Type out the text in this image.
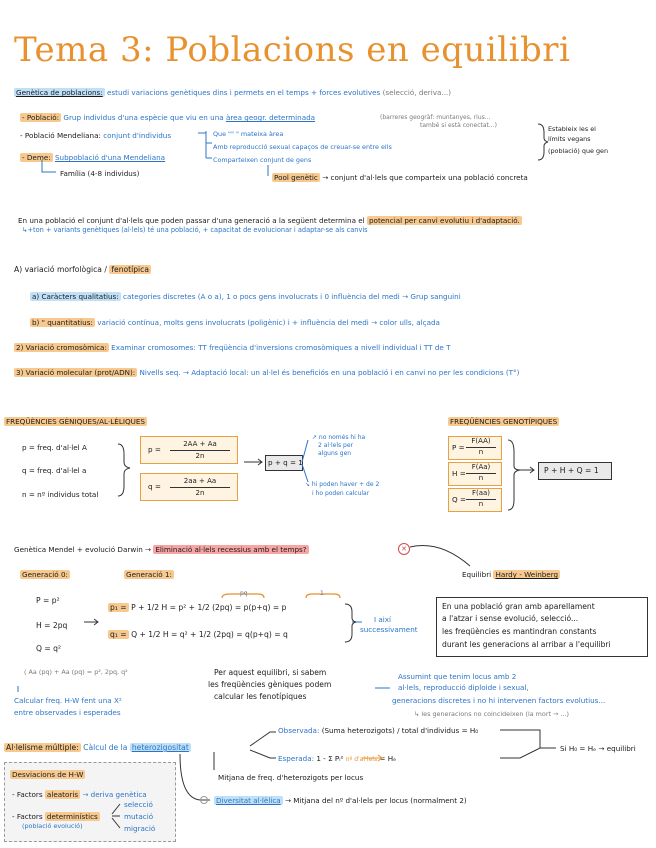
Tema 3: Poblacions en equilibri
Genètica de poblacions: estudi variacions genètiques dins i permets en el temps + forces evolutives (selecció, deriva...)
- Població: Grup individus d'una espècie que viu en una àrea geogr. determinada	(barreres geogràf: muntanyes, rius...
també si està conectat...)
- Població Mendeliana: conjunt d'individus	Que "" " mateixa àrea
Amb reproducció sexual capaços de creuar-se entre ells
Comparteixen conjunt de gens
Estableix les el
límits vegans
(població) que gen
- Deme: Subpoblació d'una Mendeliana
Família (4-8 individus)	Pool genètic → conjunt d'al·lels que comparteix una població concreta
En una població el conjunt d'al·lels que poden passar d'una generació a la següent determina el potencial per canvi evolutiu i d'adaptació.
↳+ton + variants genètiques (al·lels) té una població, + capacitat de evolucionar i adaptar-se als canvis
A) variació morfològica / fenotípica
a) Caràcters qualitatius: categories discretes (A o a), 1 o pocs gens involucrats i 0 influència del medi → Grup sanguini
b) " quantitatius: variació contínua, molts gens involucrats (poligènic) i + influència del medi → color ulls, alçada
2) Variació cromosòmica: Examinar cromosomes: TT freqüència d'inversions cromosòmiques a nivell individual i TT de T
3) Variació molecular (prot/ADN): Nivells seq. → Adaptació local: un al·lel és beneficiós en una població i en canvi no per les condicions (T°)
FREQÜÈNCIES GÈNIQUES/AL·LÈLIQUES
p = freq. d'al·lel A
q = freq. d'al·lel a
n = nº individus total
p =
2AA + Aa
2n
q =
2aa + Aa
2n
p + q = 1
↗ no només hi ha
2 al·lels per
alguns gen
↘ hi poden haver + de 2
i ho poden calcular
FREQÜÈNCIES GENOTÍPIQUES
P =
F(AA)
n
H =
F(Aa)
n
Q =
F(aa)
n
P + H + Q = 1
Genètica Mendel + evolució Darwin → Eliminació al·lels recessius amb el temps?	✕
Equilibri Hardy - Weinberg
Generació 0:	Generació 1:
P = p²
H = 2pq
Q = q²
( Aa (pq) + Aa (pq) = p², 2pq, q²
pq	1
p₁ = P + 1/2 H = p² + 1/2 (2pq) = p(p+q) = p
q₁ = Q + 1/2 H = q² + 1/2 (2pq) = q(p+q) = q
I així
successivament
En una població gran amb aparellament
a l'atzar i sense evolució, selecció...
les freqüències es mantindran constants
durant les generacions al arribar a l'equilibri
Per aquest equilibri, si sabem
les freqüències gèniques podem
calcular les fenotípiques
Assumint que tenim locus amb 2
al·lels, reproducció diploide i sexual,
generacions discretes i no hi intervenen factors evolutius...
↳ les generacions no coincideixen (la mort → ...)
Calcular freq. H-W fent una X²
entre observades i esperades
Al·lelisme múltiple: Càlcul de la heterozigositat
Observada: (Suma heterozigots) / total d'individus = H₀
Esperada: 1 - Σ Pᵢ² nº d'al·lels = Hₑ
Si H₀ = Hₑ → equilibri
Mitjana de freq. d'heterozigots per locus
Diversitat al·lèlica → Mitjana del nº d'al·lels per locus (normalment 2)
Desviacions de H-W
- Factors aleatoris → deriva genètica
- Factors determinístics
(població evolució)
selecció
mutació
migració
